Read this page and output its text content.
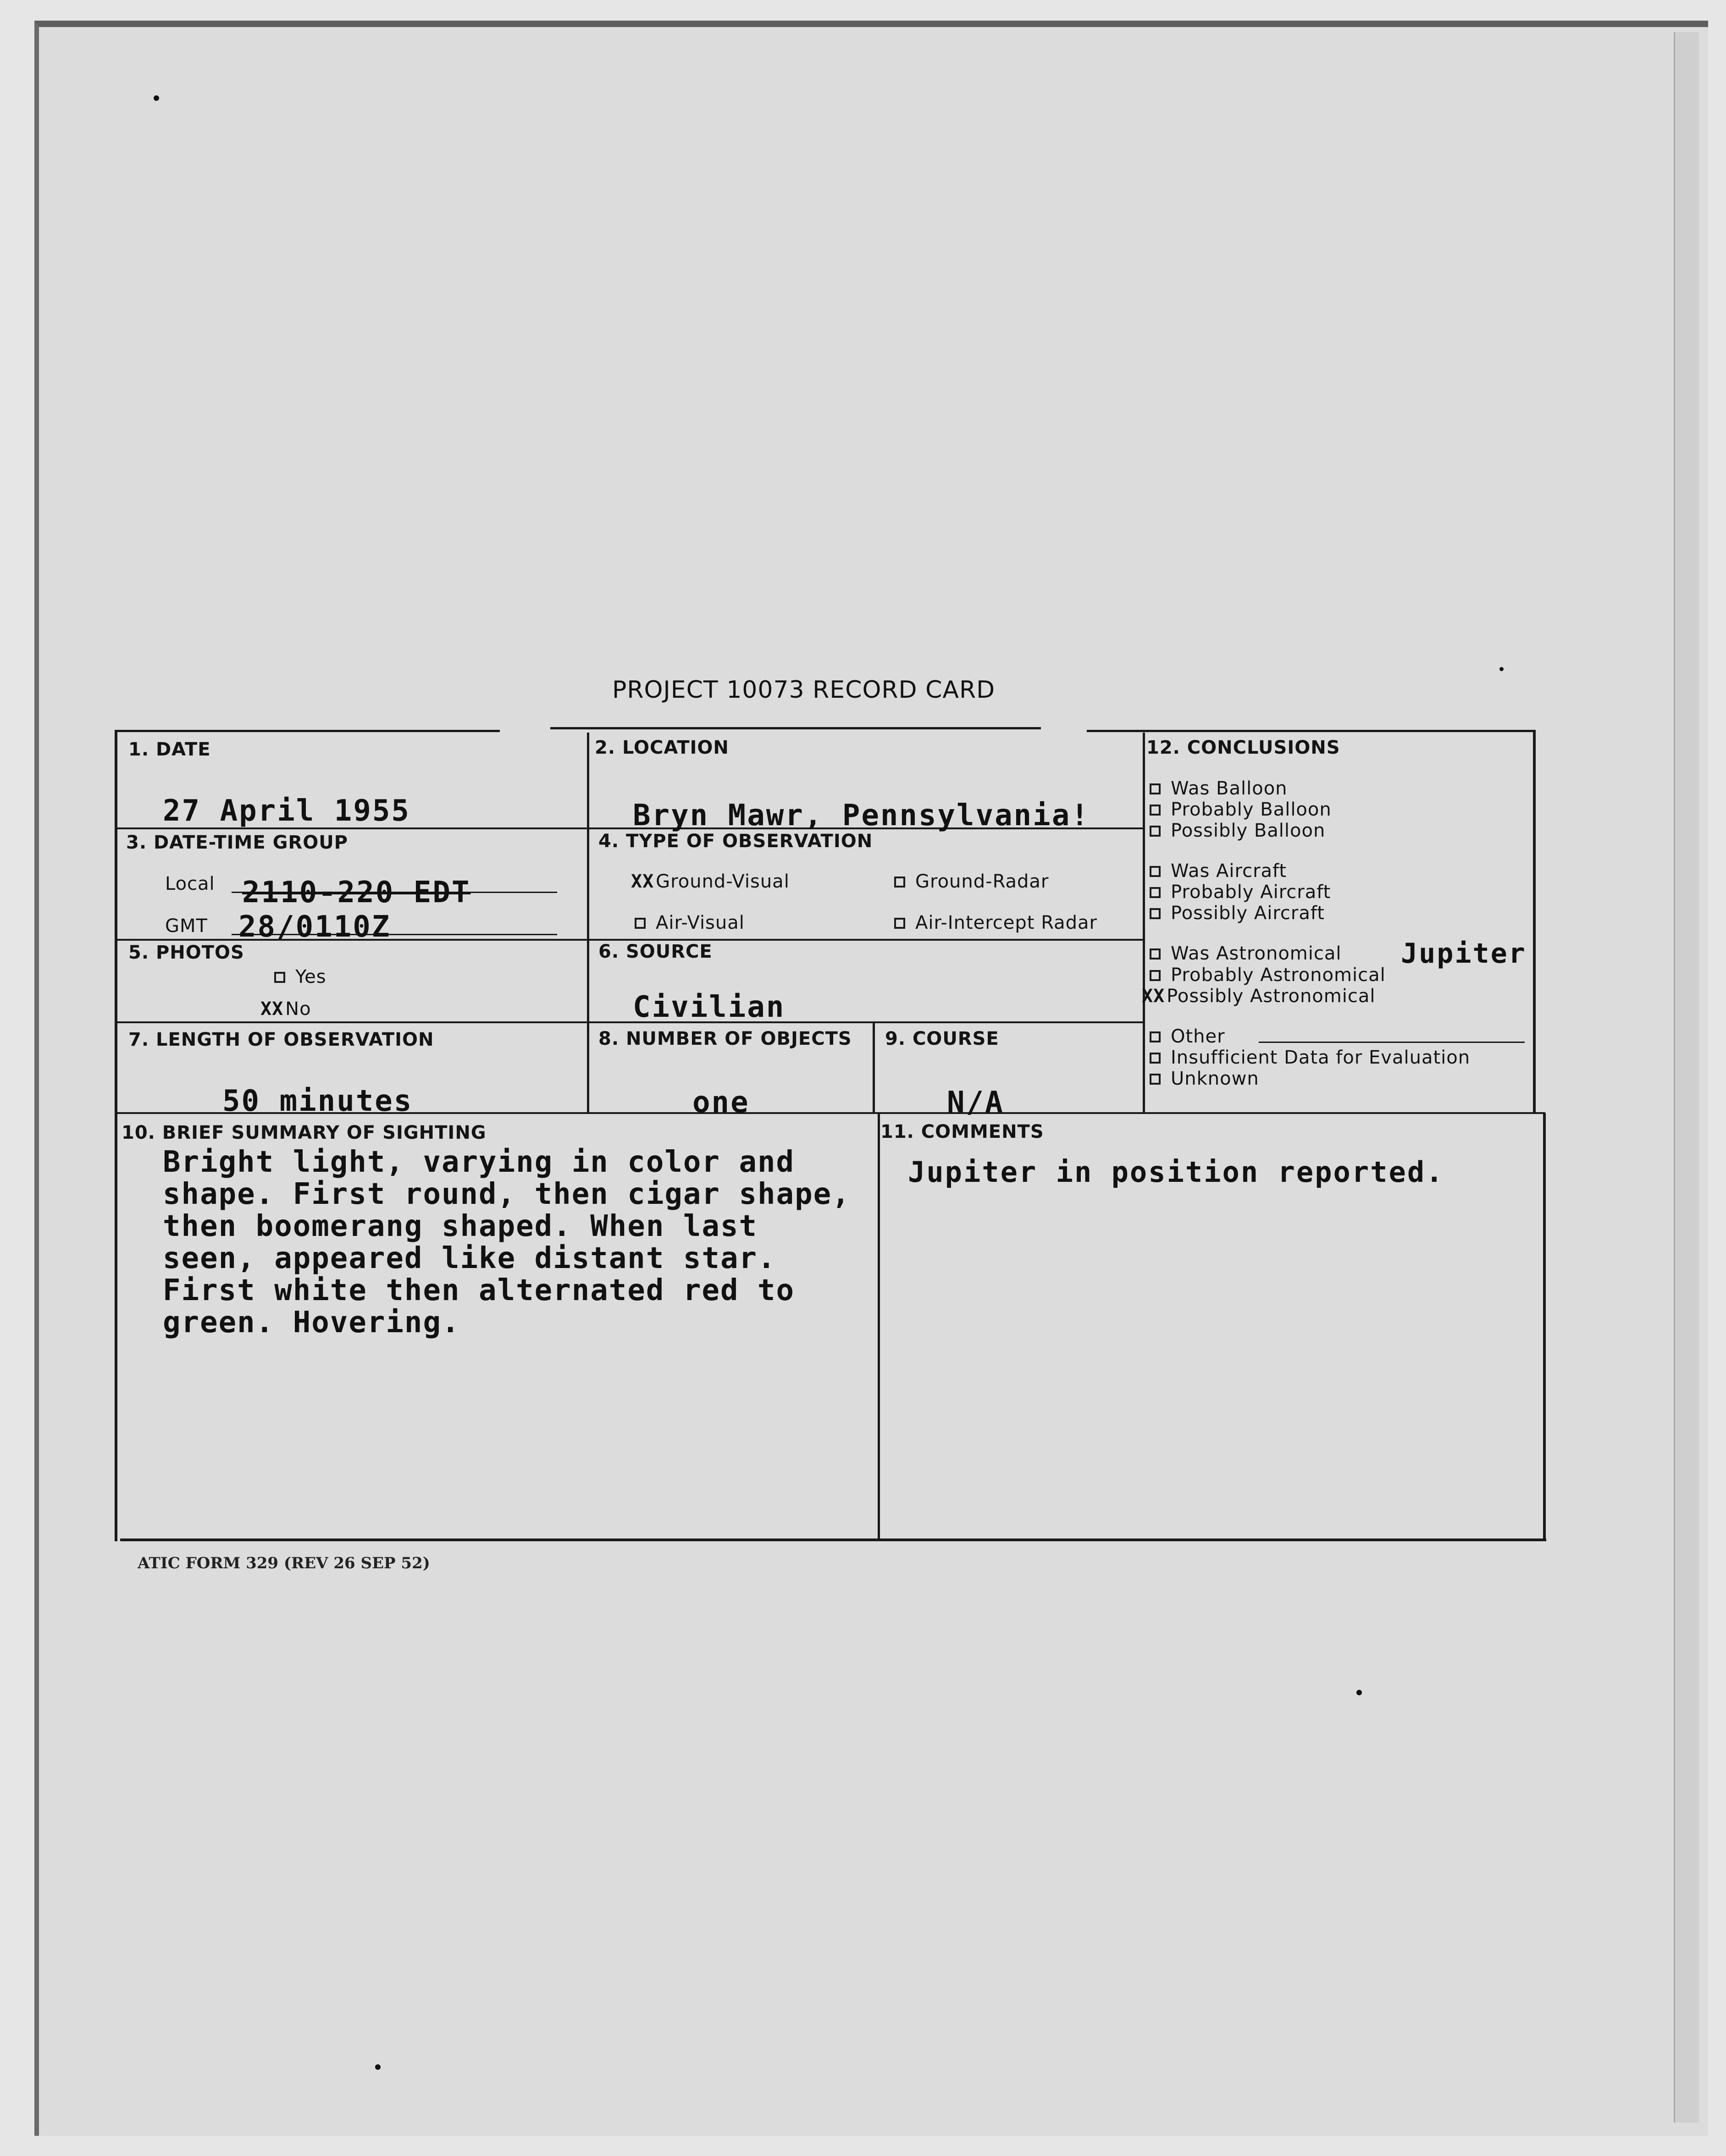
PROJECT 10073 RECORD CARD
1. DATE
27 April 1955
2. LOCATION
Bryn Mawr, Pennsylvania!
3. DATE-TIME GROUP
Local 2110-220 EDT
GMT 28/0110Z
4. TYPE OF OBSERVATION
XX Ground-Visual	Ground-Radar
Air-Visual	Air-Intercept Radar
5. PHOTOS
Yes
XX No
6. SOURCE
Civilian
7. LENGTH OF OBSERVATION
50 minutes
8. NUMBER OF OBJECTS
one
9. COURSE
N/A
12. CONCLUSIONS
Was Balloon
Probably Balloon
Possibly Balloon
Was Aircraft
Probably Aircraft
Possibly Aircraft
Was Astronomical
Probably Astronomical
XX Possibly Astronomical
Other
Insufficient Data for Evaluation
Unknown
Jupiter
10. BRIEF SUMMARY OF SIGHTING
Bright light, varying in color and
shape. First round, then cigar shape,
then boomerang shaped. When last
seen, appeared like distant star.
First white then alternated red to
green. Hovering.
11. COMMENTS
Jupiter in position reported.
ATIC FORM 329 (REV 26 SEP 52)
